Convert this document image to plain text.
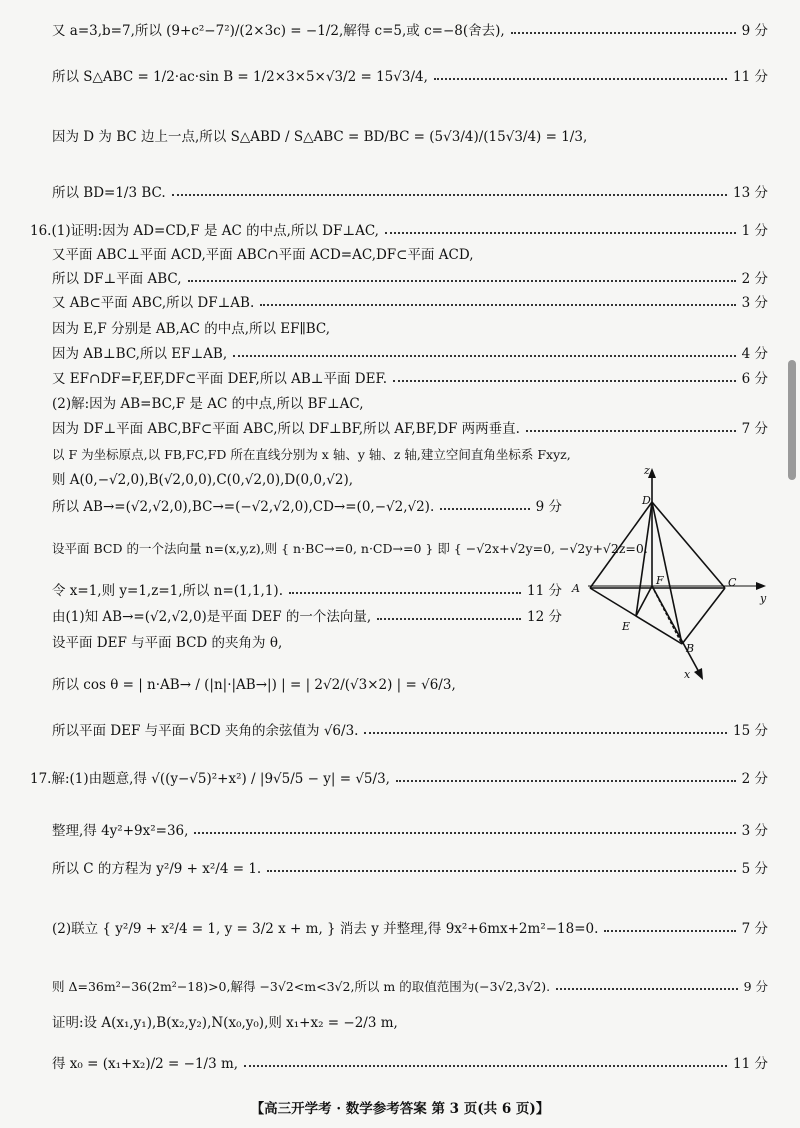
又 a=3,b=7,所以 (9+c²−7²)/(2×3c) = −1/2,解得 c=5,或 c=−8(舍去),	9 分
所以 S△ABC = 1/2·ac·sin B = 1/2×3×5×√3/2 = 15√3/4,	11 分
因为 D 为 BC 边上一点,所以 S△ABD / S△ABC = BD/BC = (5√3/4)/(15√3/4) = 1/3,
所以 BD=1/3 BC.	13 分
16.(1)证明:因为 AD=CD,F 是 AC 的中点,所以 DF⊥AC,	1 分
又平面 ABC⊥平面 ACD,平面 ABC∩平面 ACD=AC,DF⊂平面 ACD,
所以 DF⊥平面 ABC,	2 分
又 AB⊂平面 ABC,所以 DF⊥AB.	3 分
因为 E,F 分别是 AB,AC 的中点,所以 EF∥BC,
因为 AB⊥BC,所以 EF⊥AB,	4 分
又 EF∩DF=F,EF,DF⊂平面 DEF,所以 AB⊥平面 DEF.	6 分
(2)解:因为 AB=BC,F 是 AC 的中点,所以 BF⊥AC,
因为 DF⊥平面 ABC,BF⊂平面 ABC,所以 DF⊥BF,所以 AF,BF,DF 两两垂直.	7 分
以 F 为坐标原点,以 FB,FC,FD 所在直线分别为 x 轴、y 轴、z 轴,建立空间直角坐标系 Fxyz,
则 A(0,−√2,0),B(√2,0,0),C(0,√2,0),D(0,0,√2),
所以 AB→=(√2,√2,0),BC→=(−√2,√2,0),CD→=(0,−√2,√2).	9 分
设平面 BCD 的一个法向量 n=(x,y,z),则 { n·BC→=0, n·CD→=0 } 即 { −√2x+√2y=0, −√2y+√2z=0.
令 x=1,则 y=1,z=1,所以 n=(1,1,1).	11 分
由(1)知 AB→=(√2,√2,0)是平面 DEF 的一个法向量,	12 分
设平面 DEF 与平面 BCD 的夹角为 θ,
所以 cos θ = | n·AB→ / (|n|·|AB→|) | = | 2√2/(√3×2) | = √6/3,
所以平面 DEF 与平面 BCD 夹角的余弦值为 √6/3.	15 分
17.解:(1)由题意,得 √((y−√5)²+x²) / |9√5/5 − y| = √5/3,	2 分
整理,得 4y²+9x²=36,	3 分
所以 C 的方程为 y²/9 + x²/4 = 1.	5 分
(2)联立 { y²/9 + x²/4 = 1, y = 3/2 x + m, } 消去 y 并整理,得 9x²+6mx+2m²−18=0.	7 分
则 Δ=36m²−36(2m²−18)>0,解得 −3√2<m<3√2,所以 m 的取值范围为(−3√2,3√2).	9 分
证明:设 A(x₁,y₁),B(x₂,y₂),N(x₀,y₀),则 x₁+x₂ = −2/3 m,
得 x₀ = (x₁+x₂)/2 = −1/3 m,	11 分
z
D
A	C
y
F
E
B
x
【高三开学考 · 数学参考答案 第 3 页(共 6 页)】
